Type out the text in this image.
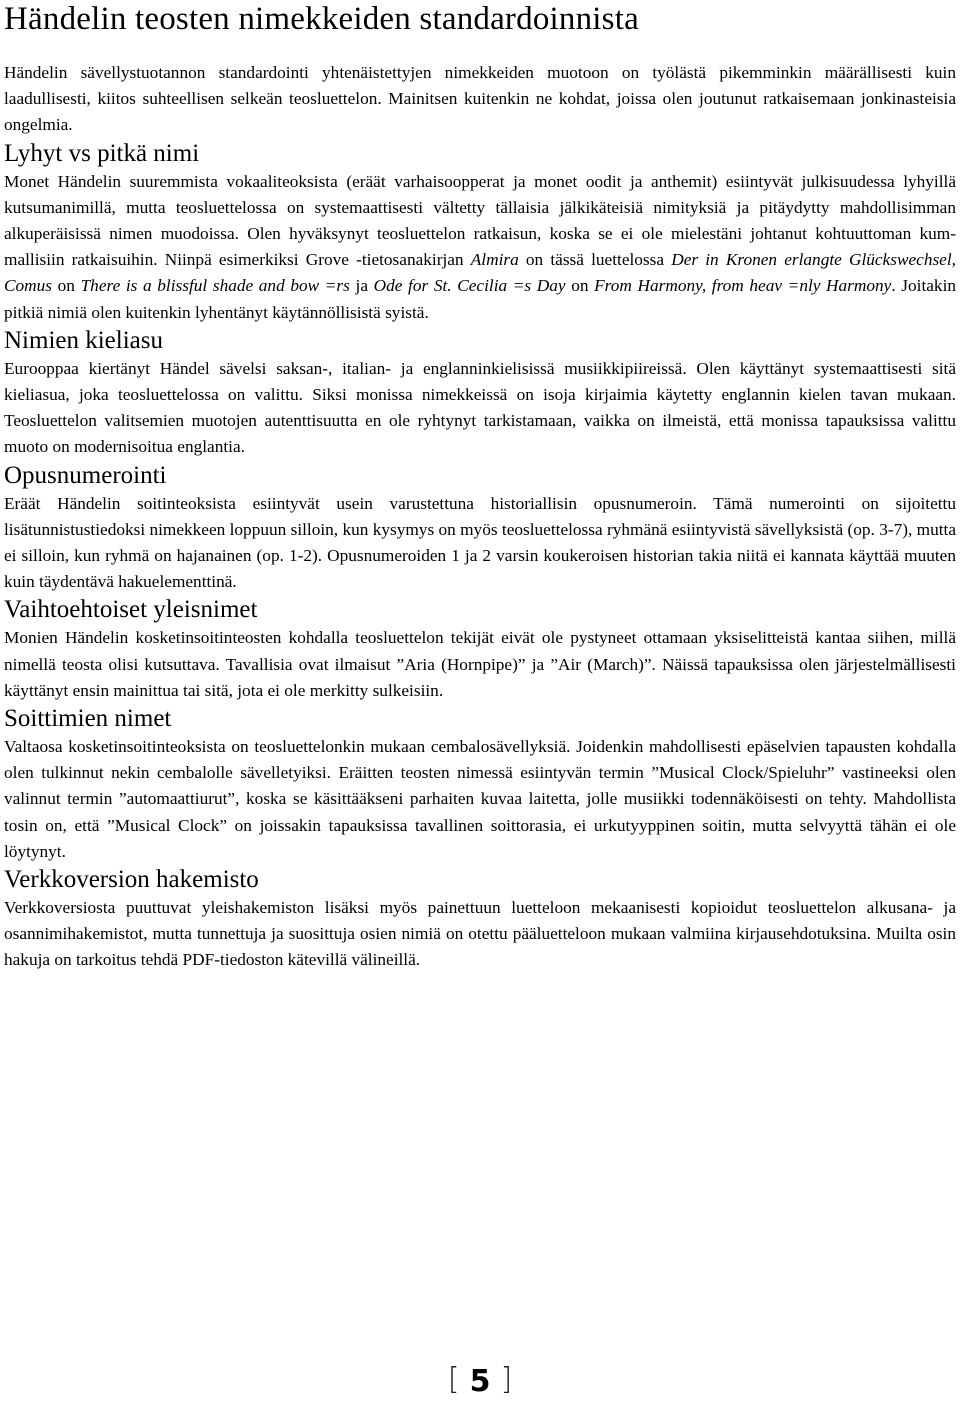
Händelin teosten nimekkeiden standardoinnista

Händelin sävellystuotannon standardointi yhtenäistettyjen nimekkeiden muotoon on työlästä pikemminkin määrällisesti kuin laadullisesti, kiitos suhteellisen selkeän teosluettelon. Mainitsen kuitenkin ne kohdat, joissa olen joutunut ratkaisemaan jonkinasteisia ongelmia.

Lyhyt vs pitkä nimi

Monet Händelin suuremmista vokaaliteoksista (eräät varhaisoopperat ja monet oodit ja anthemit) esiintyvät julkisuudessa lyhyillä kutsumanimillä, mutta teosluettelossa on systemaattisesti vältetty tällaisia jälkikäteisiä nimityksiä ja pitäydytty mahdollisimman alkuperäisissä nimen muodoissa. Olen hyväksynyt teosluettelon ratkaisun, koska se ei ole mielestäni johtanut kohtuuttoman kum-mallisiin ratkaisuihin. Niinpä esimerkiksi Grove -tietosanakirjan Almira on tässä luettelossa Der in Kronen erlangte Glückswechsel, Comus on There is a blissful shade and bow =rs ja Ode for St. Cecilia =s Day on From Harmony, from heav =nly Harmony. Joitakin pitkiä nimiä olen kuitenkin lyhentänyt käytännöllisistä syistä.

Nimien kieliasu

Eurooppaa kiertänyt Händel sävelsi saksan-, italian- ja englanninkielisissä musiikkipiireissä. Olen käyttänyt systemaattisesti sitä kieliasua, joka teosluettelossa on valittu. Siksi monissa nimekkeissä on isoja kirjaimia käytetty englannin kielen tavan mukaan. Teosluettelon valitsemien muotojen autenttisuutta en ole ryhtynyt tarkistamaan, vaikka on ilmeistä, että monissa tapauksissa valittu muoto on modernisoitua englantia.

Opusnumerointi

Eräät Händelin soitinteoksista esiintyvät usein varustettuna historiallisin opusnumeroin. Tämä numerointi on sijoitettu lisätunnistustiedoksi nimekkeen loppuun silloin, kun kysymys on myös teosluettelossa ryhmänä esiintyvistä sävellyksistä (op. 3-7), mutta ei silloin, kun ryhmä on hajanainen (op. 1-2). Opusnumeroiden 1 ja 2 varsin koukeroisen historian takia niitä ei kannata käyttää muuten kuin täydentävä hakuelementtinä.

Vaihtoehtoiset yleisnimet

Monien Händelin kosketinsoitinteosten kohdalla teosluettelon tekijät eivät ole pystyneet ottamaan yksiselitteistä kantaa siihen, millä nimellä teosta olisi kutsuttava. Tavallisia ovat ilmaisut ”Aria (Hornpipe)” ja ”Air (March)”. Näissä tapauksissa olen järjestelmällisesti käyttänyt ensin mainittua tai sitä, jota ei ole merkitty sulkeisiin.

Soittimien nimet

Valtaosa kosketinsoitinteoksista on teosluettelonkin mukaan cembalosävellyksiä. Joidenkin mahdollisesti epäselvien tapausten kohdalla olen tulkinnut nekin cembalolle sävelletyiksi. Eräitten teosten nimessä esiintyvän termin ”Musical Clock/Spieluhr” vastineeksi olen valinnut termin ”automaattiurut”, koska se käsittääkseni parhaiten kuvaa laitetta, jolle musiikki todennäköisesti on tehty. Mahdollista tosin on, että ”Musical Clock” on joissakin tapauksissa tavallinen soittorasia, ei urkutyyppinen soitin, mutta selvyyttä tähän ei ole löytynyt.

Verkkoversion hakemisto

Verkkoversiosta puuttuvat yleishakemiston lisäksi myös painettuun luetteloon mekaanisesti kopioidut teosluettelon alkusana- ja osannimihakemistot, mutta tunnettuja ja suosittuja osien nimiä on otettu pääluetteloon mukaan valmiina kirjausehdotuksina. Muilta osin hakuja on tarkoitus tehdä PDF-tiedoston kätevillä välineillä.

[ 5 ]
